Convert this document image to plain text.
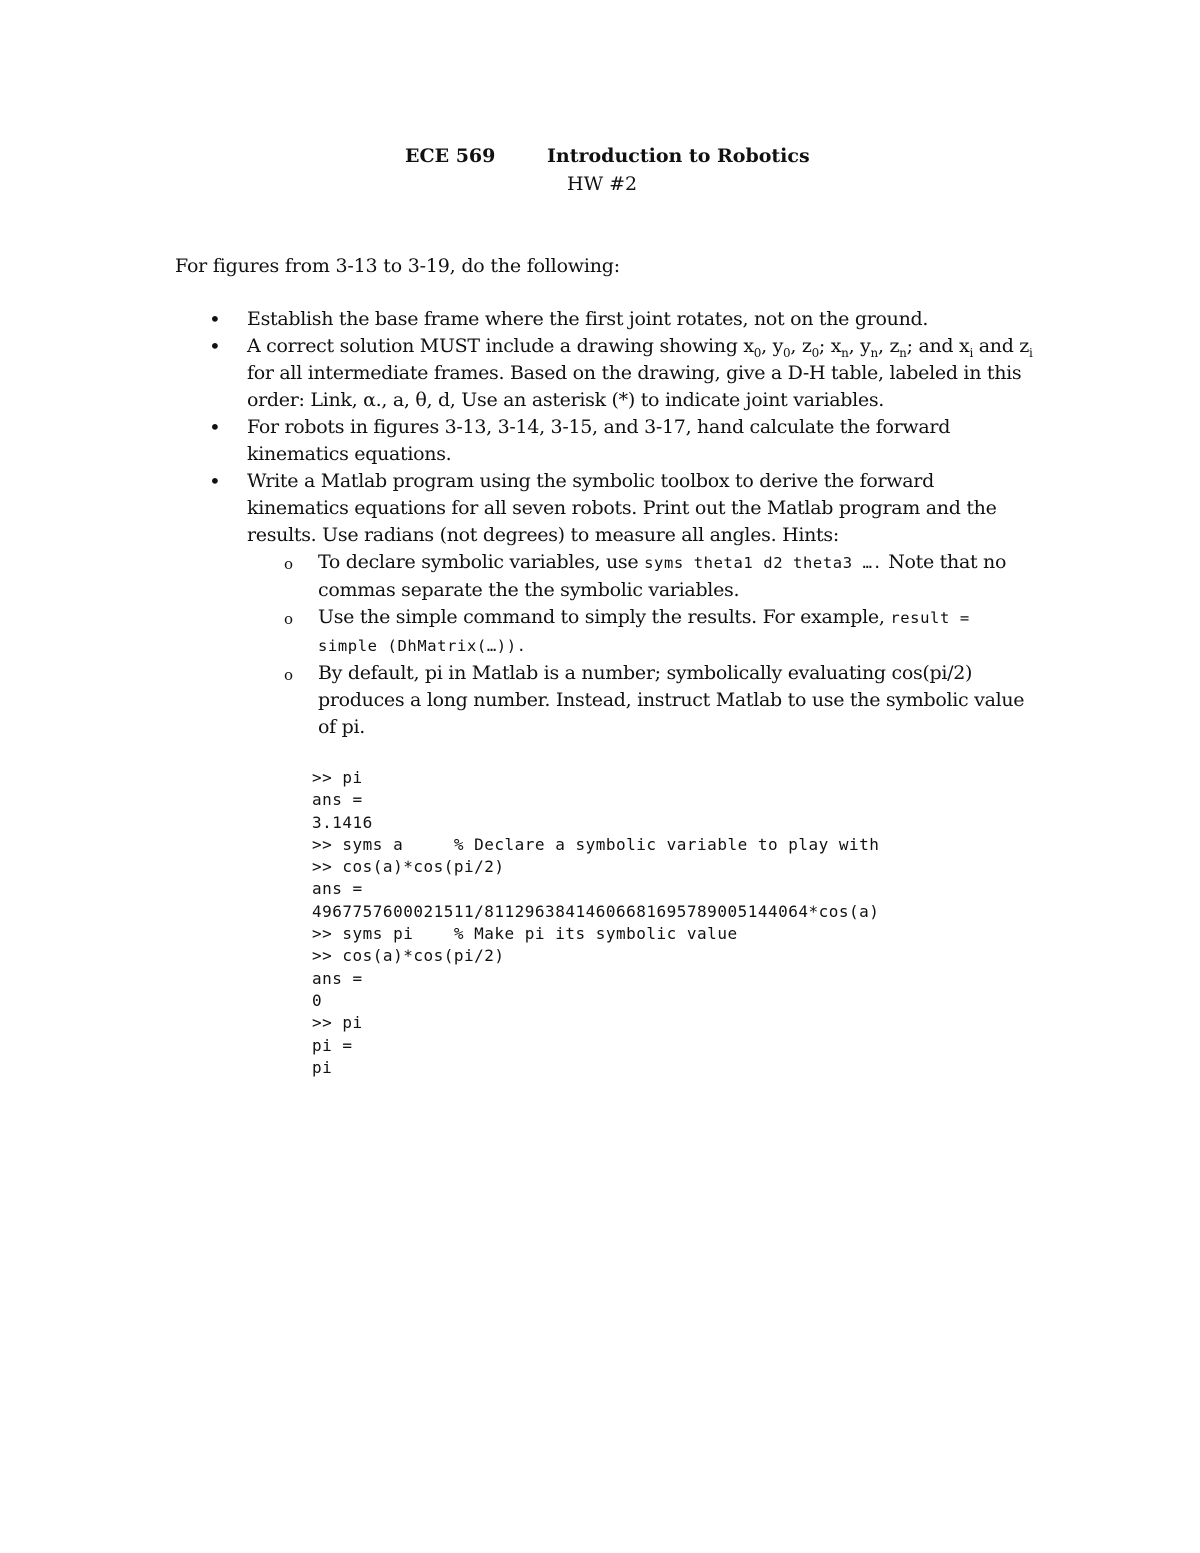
ECE 569	Introduction to Robotics
HW #2
For figures from 3-13 to 3-19, do the following:
• Establish the base frame where the first joint rotates, not on the ground.
• A correct solution MUST include a drawing showing $x_0$, $y_0$, $z_0$; $x_n$, $y_n$, $z_n$; and $x_i$ and $z_i$ for all intermediate frames. Based on the drawing, give a D-H table, labeled in this order: Link, α., a, θ, d, Use an asterisk (*) to indicate joint variables.
• For robots in figures 3-13, 3-14, 3-15, and 3-17, hand calculate the forward kinematics equations.
• Write a Matlab program using the symbolic toolbox to derive the forward kinematics equations for all seven robots. Print out the Matlab program and the results. Use radians (not degrees) to measure all angles. Hints:
o To declare symbolic variables, use syms theta1 d2 theta3 …. Note that no commas separate the the symbolic variables.
o Use the simple command to simply the results. For example, result = simple (DhMatrix(…)).
o By default, pi in Matlab is a number; symbolically evaluating cos(pi/2) produces a long number. Instead, instruct Matlab to use the symbolic value of pi.
>> pi
ans =
3.1416
>> syms a     % Declare a symbolic variable to play with
>> cos(a)*cos(pi/2)
ans =
4967757600021511/81129638414606681695789005144064*cos(a)
>> syms pi    % Make pi its symbolic value
>> cos(a)*cos(pi/2)
ans =
0
>> pi
pi =
pi
